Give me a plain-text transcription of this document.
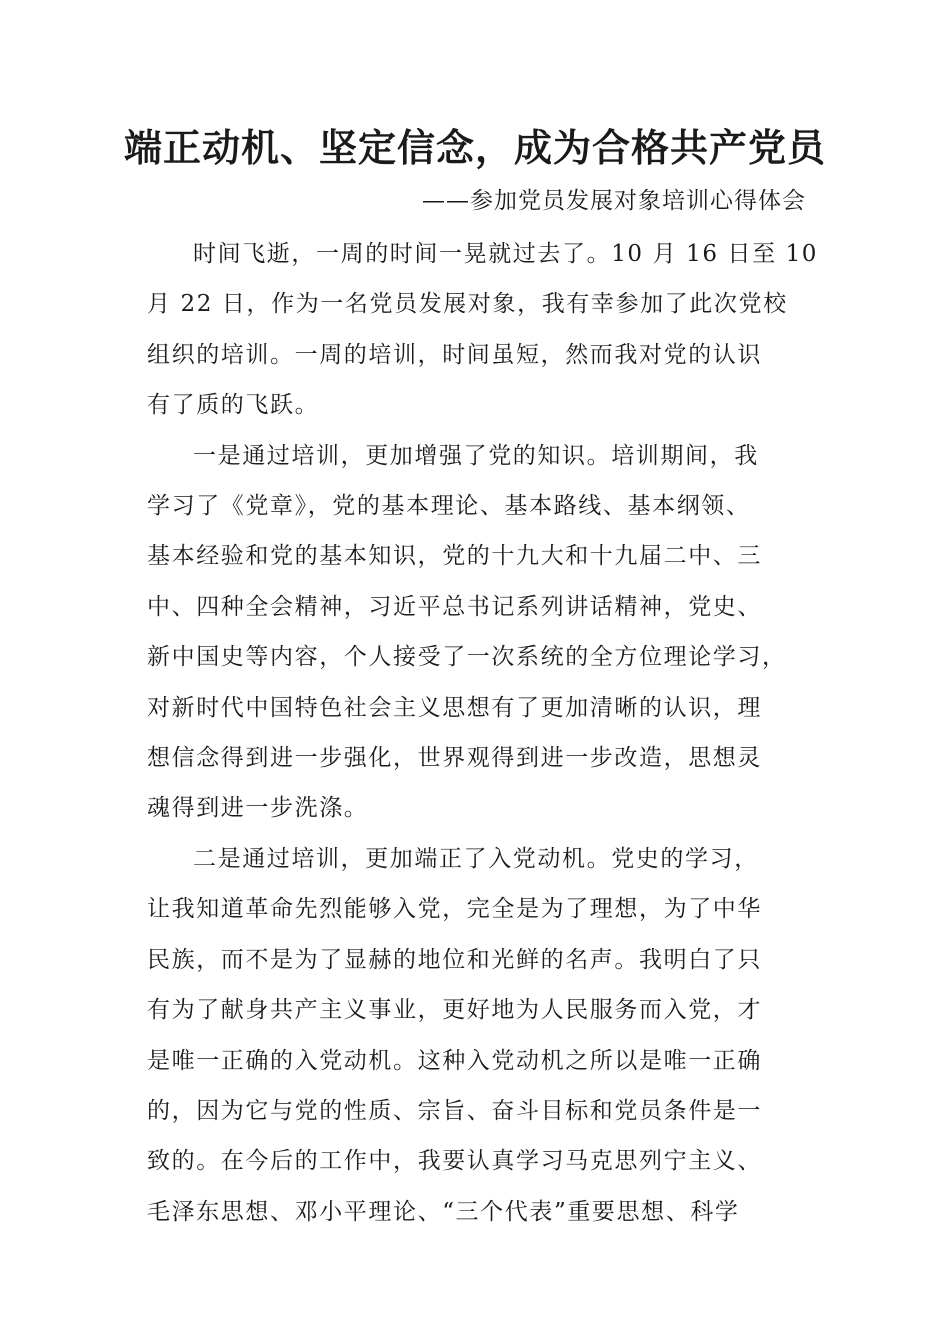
端正动机、坚定信念，成为合格共产党员
——参加党员发展对象培训心得体会
时间飞逝，一周的时间一晃就过去了。10 月 16 日至 10
月 22 日，作为一名党员发展对象，我有幸参加了此次党校
组织的培训。一周的培训，时间虽短，然而我对党的认识
有了质的飞跃。
一是通过培训，更加增强了党的知识。培训期间，我
学习了《党章》，党的基本理论、基本路线、基本纲领、
基本经验和党的基本知识，党的十九大和十九届二中、三
中、四种全会精神，习近平总书记系列讲话精神，党史、
新中国史等内容，个人接受了一次系统的全方位理论学习，
对新时代中国特色社会主义思想有了更加清晰的认识，理
想信念得到进一步强化，世界观得到进一步改造，思想灵
魂得到进一步洗涤。
二是通过培训，更加端正了入党动机。党史的学习，
让我知道革命先烈能够入党，完全是为了理想，为了中华
民族，而不是为了显赫的地位和光鲜的名声。我明白了只
有为了献身共产主义事业，更好地为人民服务而入党，才
是唯一正确的入党动机。这种入党动机之所以是唯一正确
的，因为它与党的性质、宗旨、奋斗目标和党员条件是一
致的。在今后的工作中，我要认真学习马克思列宁主义、
毛泽东思想、邓小平理论、“三个代表”重要思想、科学
